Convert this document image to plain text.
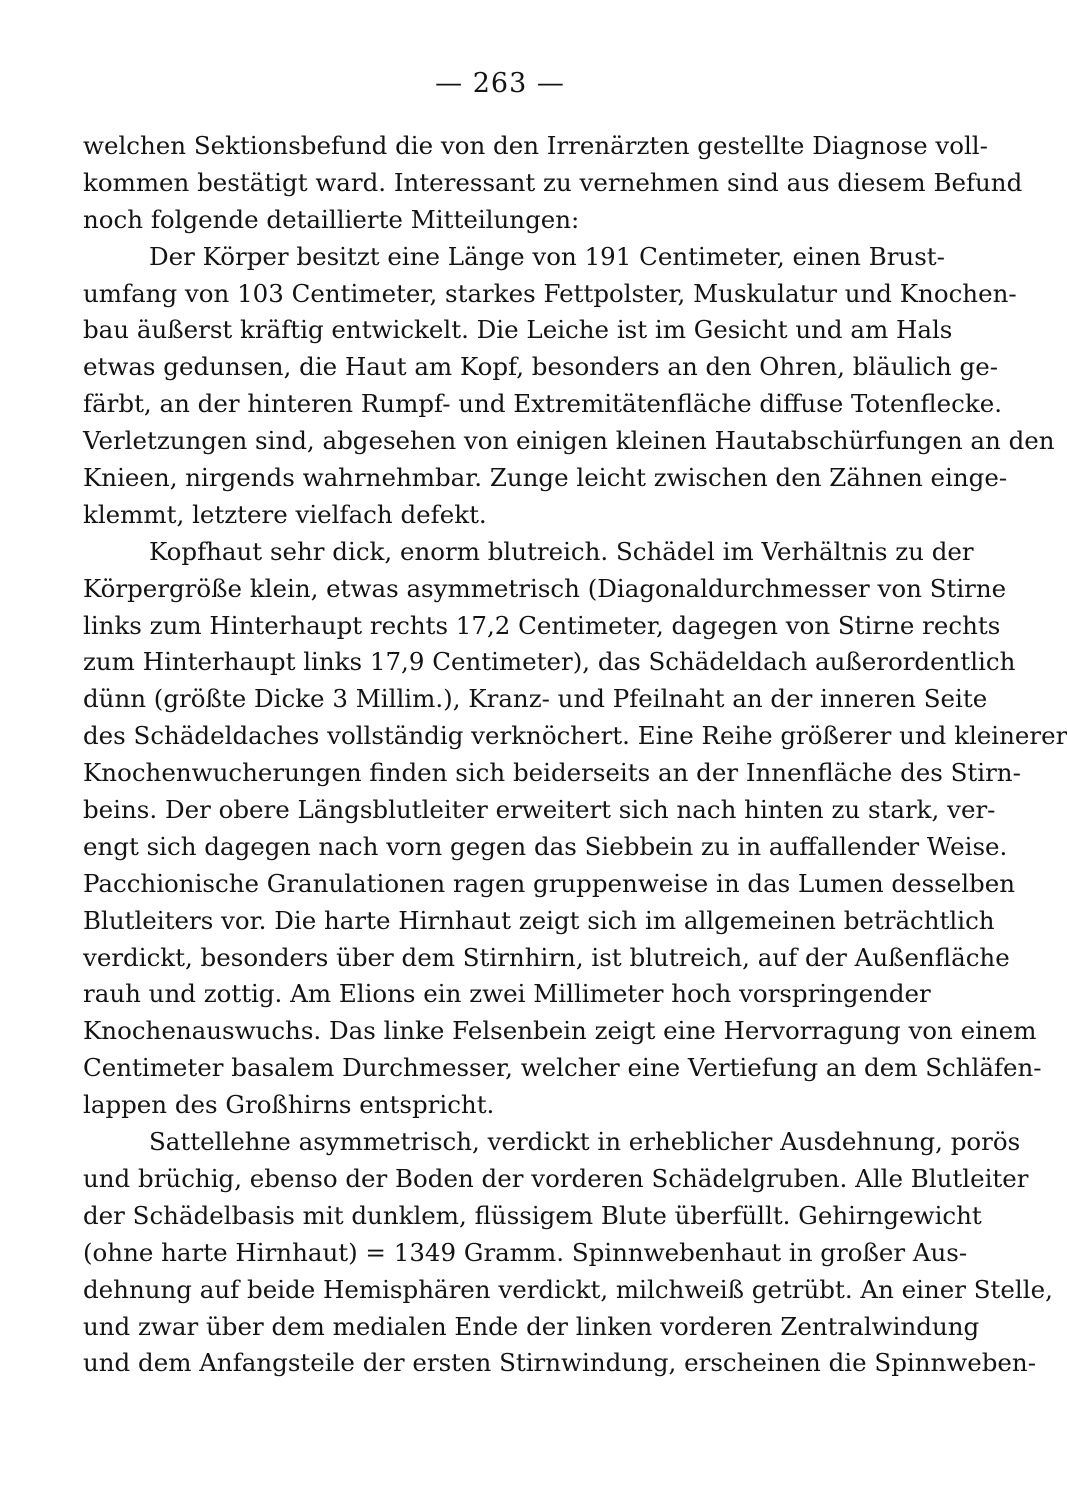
— 263 —
welchen Sektionsbefund die von den Irrenärzten gestellte Diagnose voll-
kommen bestätigt ward. Interessant zu vernehmen sind aus diesem Befund
noch folgende detaillierte Mitteilungen:
Der Körper besitzt eine Länge von 191 Centimeter, einen Brust-
umfang von 103 Centimeter, starkes Fettpolster, Muskulatur und Knochen-
bau äußerst kräftig entwickelt. Die Leiche ist im Gesicht und am Hals
etwas gedunsen, die Haut am Kopf, besonders an den Ohren, bläulich ge-
färbt, an der hinteren Rumpf- und Extremitätenfläche diffuse Totenflecke.
Verletzungen sind, abgesehen von einigen kleinen Hautabschürfungen an den
Knieen, nirgends wahrnehmbar. Zunge leicht zwischen den Zähnen einge-
klemmt, letztere vielfach defekt.
Kopfhaut sehr dick, enorm blutreich. Schädel im Verhältnis zu der
Körpergröße klein, etwas asymmetrisch (Diagonaldurchmesser von Stirne
links zum Hinterhaupt rechts 17,2 Centimeter, dagegen von Stirne rechts
zum Hinterhaupt links 17,9 Centimeter), das Schädeldach außerordentlich
dünn (größte Dicke 3 Millim.), Kranz- und Pfeilnaht an der inneren Seite
des Schädeldaches vollständig verknöchert. Eine Reihe größerer und kleinerer
Knochenwucherungen finden sich beiderseits an der Innenfläche des Stirn-
beins. Der obere Längsblutleiter erweitert sich nach hinten zu stark, ver-
engt sich dagegen nach vorn gegen das Siebbein zu in auffallender Weise.
Pacchionische Granulationen ragen gruppenweise in das Lumen desselben
Blutleiters vor. Die harte Hirnhaut zeigt sich im allgemeinen beträchtlich
verdickt, besonders über dem Stirnhirn, ist blutreich, auf der Außenfläche
rauh und zottig. Am Elions ein zwei Millimeter hoch vorspringender
Knochenauswuchs. Das linke Felsenbein zeigt eine Hervorragung von einem
Centimeter basalem Durchmesser, welcher eine Vertiefung an dem Schläfen-
lappen des Großhirns entspricht.
Sattellehne asymmetrisch, verdickt in erheblicher Ausdehnung, porös
und brüchig, ebenso der Boden der vorderen Schädelgruben. Alle Blutleiter
der Schädelbasis mit dunklem, flüssigem Blute überfüllt. Gehirngewicht
(ohne harte Hirnhaut) = 1349 Gramm. Spinnwebenhaut in großer Aus-
dehnung auf beide Hemisphären verdickt, milchweiß getrübt. An einer Stelle,
und zwar über dem medialen Ende der linken vorderen Zentralwindung
und dem Anfangsteile der ersten Stirnwindung, erscheinen die Spinnweben-
